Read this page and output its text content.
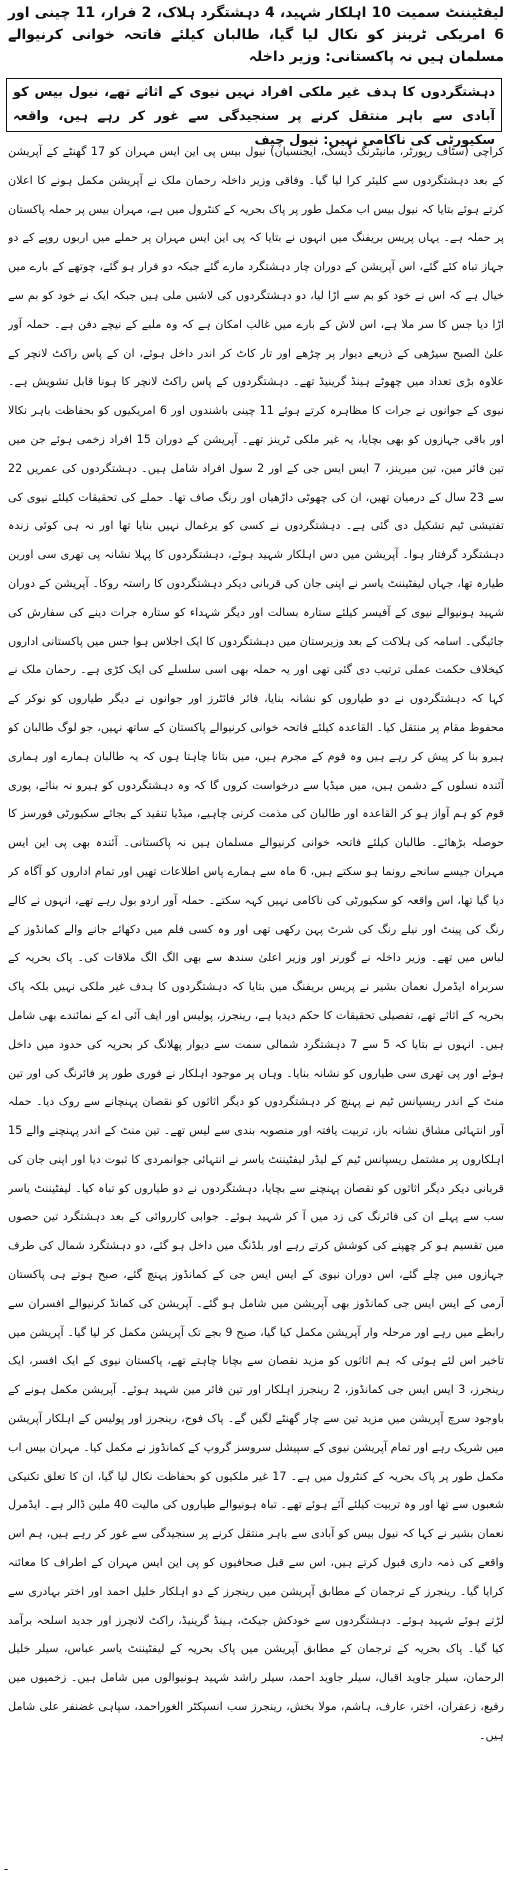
لیفٹیننٹ سمیت 10 اہلکار شہید، 4 دہشتگرد ہلاک، 2 فرار، 11 چینی اور 6 امریکی ٹرینز کو نکال لیا گیا، طالبان کیلئے فاتحہ خوانی کرنیوالے مسلمان ہیں نہ پاکستانی: وزیر داخلہ
دہشتگردوں کا ہدف غیر ملکی افراد نہیں نیوی کے اثاثے تھے، نیول بیس کو آبادی سے باہر منتقل کرنے پر سنجیدگی سے غور کر رہے ہیں، واقعہ سکیورٹی کی ناکامی نہیں: نیول چیف

کراچی (سٹاف رپورٹر، مانیٹرنگ ڈیسک، ایجنسیاں) نیول بیس پی این ایس مہران کو 17 گھنٹے کے آپریشن کے بعد دہشتگردوں سے کلیئر کرا لیا گیا۔ وفاقی وزیر داخلہ رحمان ملک نے آپریشن مکمل ہونے کا اعلان کرتے ہوئے بتایا کہ نیول بیس اب مکمل طور پر پاک بحریہ کے کنٹرول میں ہے، مہران بیس پر حملہ پاکستان پر حملہ ہے۔ یہاں پریس بریفنگ میں انہوں نے بتایا کہ پی این ایس مہران پر حملے میں اربوں روپے کے دو جہاز تباہ کئے گئے، اس آپریشن کے دوران چار دہشتگرد مارے گئے جبکہ دو فرار ہو گئے، چوتھے کے بارے میں خیال ہے کہ اس نے خود کو بم سے اڑا لیا، دو دہشتگردوں کی لاشیں ملی ہیں جبکہ ایک نے خود کو بم سے اڑا دیا جس کا سر ملا ہے، اس لاش کے بارے میں غالب امکان ہے کہ وہ ملبے کے نیچے دفن ہے۔ حملہ آور علیٰ الصبح سیڑھی کے ذریعے دیوار پر چڑھے اور تار کاٹ کر اندر داخل ہوئے، ان کے پاس راکٹ لانچر کے علاوہ بڑی تعداد میں چھوٹے ہینڈ گرینیڈ تھے۔ دہشتگردوں کے پاس راکٹ لانچر کا ہونا قابل تشویش ہے۔ نیوی کے جوانوں نے جرات کا مظاہرہ کرتے ہوئے 11 چینی باشندوں اور 6 امریکیوں کو بحفاظت باہر نکالا اور باقی جہازوں کو بھی بچایا، یہ غیر ملکی ٹرینز تھے۔ آپریشن کے دوران 15 افراد زخمی ہوئے جن میں تین فائر مین، تین میرینز، 7 ایس ایس جی کے اور 2 سول افراد شامل ہیں۔ دہشتگردوں کی عمریں 22 سے 23 سال کے درمیان تھیں، ان کی چھوٹی داڑھیاں اور رنگ صاف تھا۔ حملے کی تحقیقات کیلئے نیوی کی تفتیشی ٹیم تشکیل دی گئی ہے۔ دہشتگردوں نے کسی کو یرغمال نہیں بنایا تھا اور نہ ہی کوئی زندہ دہشتگرد گرفتار ہوا۔ آپریشن میں دس اہلکار شہید ہوئے، دہشتگردوں کا پہلا نشانہ پی تھری سی اورین طیارہ تھا، جہاں لیفٹیننٹ یاسر نے اپنی جان کی قربانی دیکر دہشتگردوں کا راستہ روکا۔ آپریشن کے دوران شہید ہونیوالے نیوی کے آفیسر کیلئے ستارہ بسالت اور دیگر شہداء کو ستارہ جرات دینے کی سفارش کی جائیگی۔ اسامہ کی ہلاکت کے بعد وزیرستان میں دہشتگردوں کا ایک اجلاس ہوا جس میں پاکستانی اداروں کیخلاف حکمت عملی ترتیب دی گئی تھی اور یہ حملہ بھی اسی سلسلے کی ایک کڑی ہے۔ رحمان ملک نے کہا کہ دہشتگردوں نے دو طیاروں کو نشانہ بنایا، فائر فائٹرز اور جوانوں نے دیگر طیاروں کو نوکر کے محفوظ مقام پر منتقل کیا۔ القاعدہ کیلئے فاتحہ خوانی کرنیوالے پاکستان کے ساتھ نہیں، جو لوگ طالبان کو ہیرو بنا کر پیش کر رہے ہیں وہ قوم کے مجرم ہیں، میں بتانا چاہتا ہوں کہ یہ طالبان ہمارے اور ہماری آئندہ نسلوں کے دشمن ہیں، میں میڈیا سے درخواست کروں گا کہ وہ دہشتگردوں کو ہیرو نہ بنائے، پوری قوم کو ہم آواز ہو کر القاعدہ اور طالبان کی مذمت کرنی چاہیے، میڈیا تنقید کے بجائے سکیورٹی فورسز کا حوصلہ بڑھائے۔ طالبان کیلئے فاتحہ خوانی کرنیوالے مسلمان ہیں نہ پاکستانی۔ آئندہ بھی پی این ایس مہران جیسے سانحے رونما ہو سکتے ہیں، 6 ماہ سے ہمارے پاس اطلاعات تھیں اور تمام اداروں کو آگاہ کر دیا گیا تھا، اس واقعہ کو سکیورٹی کی ناکامی نہیں کہہ سکتے۔ حملہ آور اردو بول رہے تھے، انہوں نے کالے رنگ کی پینٹ اور نیلے رنگ کی شرٹ پہن رکھی تھی اور وہ کسی فلم میں دکھائے جانے والے کمانڈوز کے لباس میں تھے۔ وزیر داخلہ نے گورنر اور وزیر اعلیٰ سندھ سے بھی الگ الگ ملاقات کی۔ پاک بحریہ کے سربراہ ایڈمرل نعمان بشیر نے پریس بریفنگ میں بتایا کہ دہشتگردوں کا ہدف غیر ملکی نہیں بلکہ پاک بحریہ کے اثاثے تھے، تفصیلی تحقیقات کا حکم دیدیا ہے، رینجرز، پولیس اور ایف آئی اے کے نمائندے بھی شامل ہیں۔ انہوں نے بتایا کہ 5 سے 7 دہشتگرد شمالی سمت سے دیوار پھلانگ کر بحریہ کی حدود میں داخل ہوئے اور پی تھری سی طیاروں کو نشانہ بنایا۔ وہاں پر موجود اہلکار نے فوری طور پر فائرنگ کی اور تین منٹ کے اندر ریسپانس ٹیم نے پہنچ کر دہشتگردوں کو دیگر اثاثوں کو نقصان پہنچانے سے روک دیا۔ حملہ آور انتہائی مشاق نشانہ باز، تربیت یافتہ اور منصوبہ بندی سے لیس تھے۔ تین منٹ کے اندر پہنچنے والے 15 اہلکاروں پر مشتمل ریسپانس ٹیم کے لیڈر لیفٹیننٹ یاسر نے انتہائی جوانمردی کا ثبوت دیا اور اپنی جان کی قربانی دیکر دیگر اثاثوں کو نقصان پہنچنے سے بچایا، دہشتگردوں نے دو طیاروں کو تباہ کیا۔ لیفٹیننٹ یاسر سب سے پہلے ان کی فائرنگ کی زد میں آ کر شہید ہوئے۔ جوابی کارروائی کے بعد دہشتگرد تین حصوں میں تقسیم ہو کر چھپنے کی کوشش کرتے رہے اور بلڈنگ میں داخل ہو گئے، دو دہشتگرد شمال کی طرف جہازوں میں چلے گئے، اس دوران نیوی کے ایس ایس جی کے کمانڈوز پہنچ گئے، صبح ہوتے ہی پاکستان آرمی کے ایس ایس جی کمانڈوز بھی آپریشن میں شامل ہو گئے۔ آپریشن کی کمانڈ کرنیوالے افسران سے رابطے میں رہے اور مرحلہ وار آپریشن مکمل کیا گیا، صبح 9 بجے تک آپریشن مکمل کر لیا گیا۔ آپریشن میں تاخیر اس لئے ہوئی کہ ہم اثاثوں کو مزید نقصان سے بچانا چاہتے تھے، پاکستان نیوی کے ایک افسر، ایک رینجرز، 3 ایس ایس جی کمانڈوز، 2 رینجرز اہلکار اور تین فائر مین شہید ہوئے۔ آپریشن مکمل ہونے کے باوجود سرچ آپریشن میں مزید تین سے چار گھنٹے لگیں گے۔ پاک فوج، رینجرز اور پولیس کے اہلکار آپریشن میں شریک رہے اور تمام آپریشن نیوی کے سپیشل سروسز گروپ کے کمانڈوز نے مکمل کیا۔ مہران بیس اب مکمل طور پر پاک بحریہ کے کنٹرول میں ہے۔ 17 غیر ملکیوں کو بحفاظت نکال لیا گیا، ان کا تعلق تکنیکی شعبوں سے تھا اور وہ تربیت کیلئے آئے ہوئے تھے۔ تباہ ہونیوالے طیاروں کی مالیت 40 ملین ڈالر ہے۔ ایڈمرل نعمان بشیر نے کہا کہ نیول بیس کو آبادی سے باہر منتقل کرنے پر سنجیدگی سے غور کر رہے ہیں، ہم اس واقعے کی ذمہ داری قبول کرتے ہیں، اس سے قبل صحافیوں کو پی این ایس مہران کے اطراف کا معائنہ کرایا گیا۔ رینجرز کے ترجمان کے مطابق آپریشن میں رینجرز کے دو اہلکار خلیل احمد اور اختر بہادری سے لڑتے ہوئے شہید ہوئے۔ دہشتگردوں سے خودکش جیکٹ، ہینڈ گرینیڈ، راکٹ لانچرز اور جدید اسلحہ برآمد کیا گیا۔ پاک بحریہ کے ترجمان کے مطابق آپریشن میں پاک بحریہ کے لیفٹیننٹ یاسر عباس، سیلر خلیل الرحمان، سیلر جاوید اقبال، سیلر جاوید احمد، سیلر راشد شہید ہونیوالوں میں شامل ہیں۔ زخمیوں میں رفیع، زعفران، اختر، عارف، ہاشم، مولا بخش، رینجرز سب انسپکٹر الغوراحمد، سپاہی غضنفر علی شامل ہیں۔

-
